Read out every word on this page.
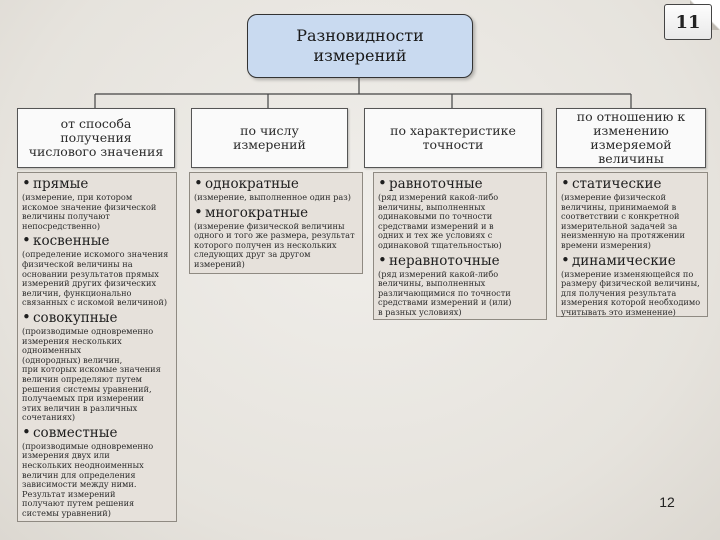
11
Разновидности
измерений
от способа
получения
числового значения
по числу
измерений
по характеристике
точности
по отношению к
изменению
измеряемой
величины
• прямые
(измерение, при котором
искомое значение физической
величины получают
непосредственно)
• косвенные
(определение искомого значения
физической величины на
основании результатов прямых
измерений других физических
величин, функционально
связанных с искомой величиной)
• совокупные
(производимые одновременно
измерения нескольких
одноименных
(однородных) величин,
при которых искомые значения
величин определяют путем
решения системы уравнений,
получаемых при измерении
этих величин в различных
сочетаниях)
• совместные
(производимые одновременно
измерения двух или
нескольких неодноименных
величин для определения
зависимости между ними.
Результат измерений
получают путем решения
системы уравнений)
• однократные
(измерение, выполненное один раз)
• многократные
(измерение физической величины
одного и того же размера, результат
которого получен из нескольких
следующих друг за другом
измерений)
• равноточные
(ряд измерений какой-либо
величины, выполненных
одинаковыми по точности
средствами измерений и в
одних и тех же условиях с
одинаковой тщательностью)
• неравноточные
(ряд измерений какой-либо
величины, выполненных
различающимися по точности
средствами измерений и (или)
в разных условиях)
• статические
(измерение физической
величины, принимаемой в
соответствии с конкретной
измерительной задачей за
неизменную на протяжении
времени измерения)
• динамические
(измерение изменяющейся по
размеру физической величины,
для получения результата
измерения которой необходимо
учитывать это изменение)
12
